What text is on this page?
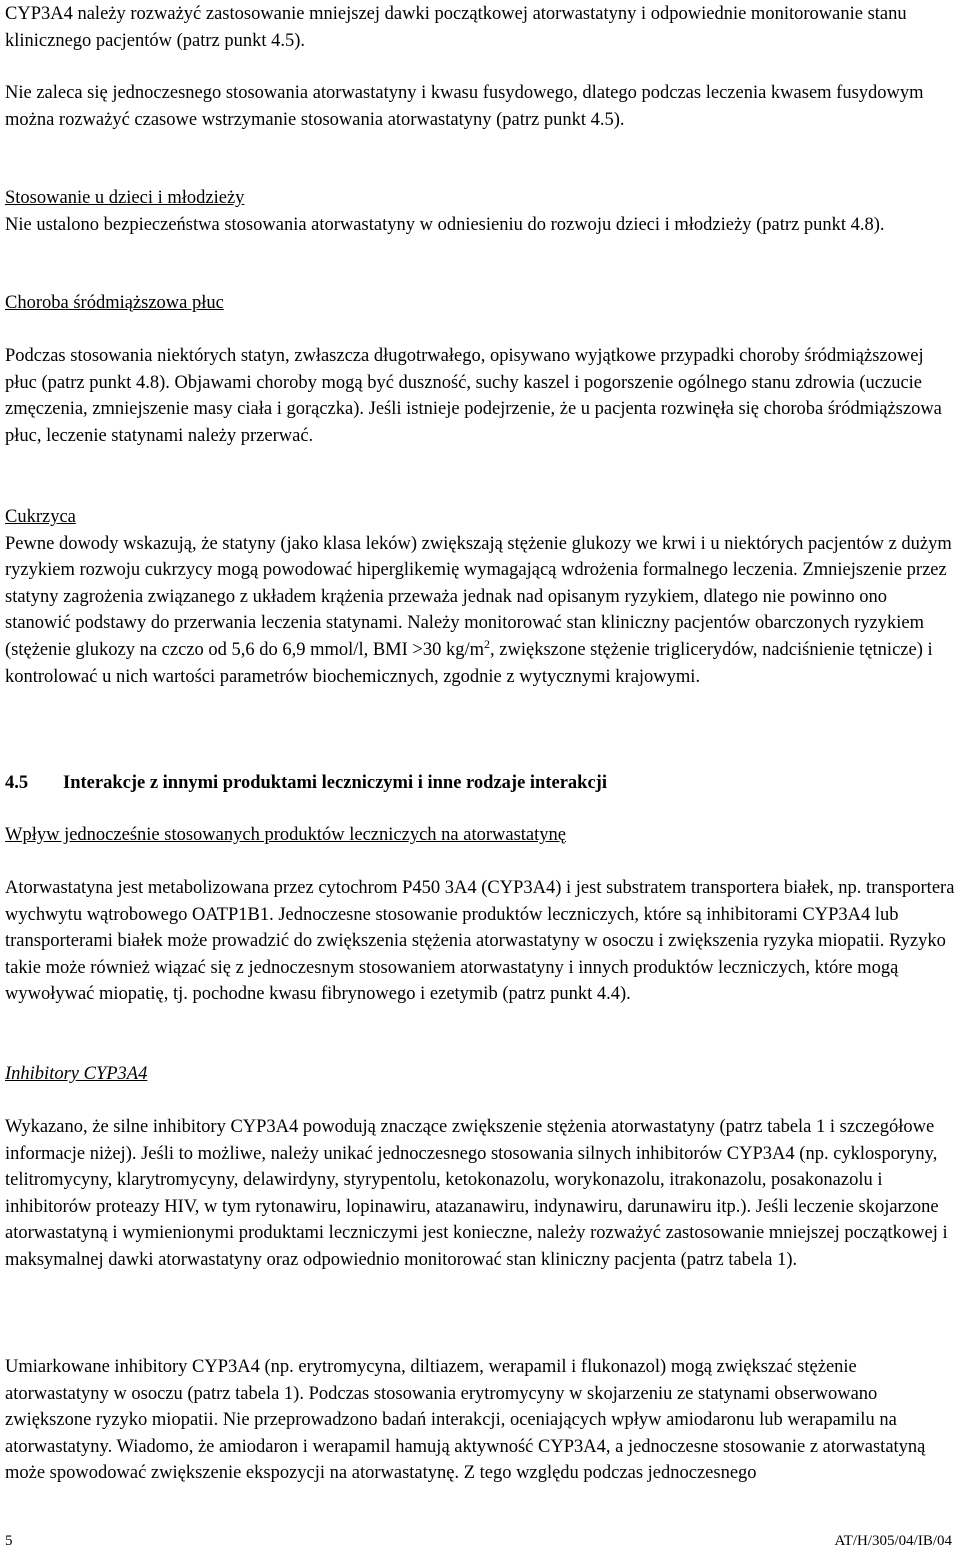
CYP3A4 należy rozważyć zastosowanie mniejszej dawki początkowej atorwastatyny i odpowiednie monitorowanie stanu klinicznego pacjentów (patrz punkt 4.5).

Nie zaleca się jednoczesnego stosowania atorwastatyny i kwasu fusydowego, dlatego podczas leczenia kwasem fusydowym można rozważyć czasowe wstrzymanie stosowania atorwastatyny (patrz punkt 4.5).

Stosowanie u dzieci i młodzieży

Nie ustalono bezpieczeństwa stosowania atorwastatyny w odniesieniu do rozwoju dzieci i młodzieży (patrz punkt 4.8).

Choroba śródmiąższowa płuc

Podczas stosowania niektórych statyn, zwłaszcza długotrwałego, opisywano wyjątkowe przypadki choroby śródmiąższowej płuc (patrz punkt 4.8). Objawami choroby mogą być duszność, suchy kaszel i pogorszenie ogólnego stanu zdrowia (uczucie zmęczenia, zmniejszenie masy ciała i gorączka). Jeśli istnieje podejrzenie, że u pacjenta rozwinęła się choroba śródmiąższowa płuc, leczenie statynami należy przerwać.

Cukrzyca

Pewne dowody wskazują, że statyny (jako klasa leków) zwiększają stężenie glukozy we krwi i u niektórych pacjentów z dużym ryzykiem rozwoju cukrzycy mogą powodować hiperglikemię wymagającą wdrożenia formalnego leczenia. Zmniejszenie przez statyny zagrożenia związanego z układem krążenia przeważa jednak nad opisanym ryzykiem, dlatego nie powinno ono stanowić podstawy do przerwania leczenia statynami. Należy monitorować stan kliniczny pacjentów obarczonych ryzykiem (stężenie glukozy na czczo od 5,6 do 6,9 mmol/l, BMI >30 $kg/m^2$, zwiększone stężenie triglicerydów, nadciśnienie tętnicze) i kontrolować u nich wartości parametrów biochemicznych, zgodnie z wytycznymi krajowymi.

4.5 Interakcje z innymi produktami leczniczymi i inne rodzaje interakcji

Wpływ jednocześnie stosowanych produktów leczniczych na atorwastatynę

Atorwastatyna jest metabolizowana przez cytochrom P450 3A4 (CYP3A4) i jest substratem transportera białek, np. transportera wychwytu wątrobowego OATP1B1. Jednoczesne stosowanie produktów leczniczych, które są inhibitorami CYP3A4 lub transporterami białek może prowadzić do zwiększenia stężenia atorwastatyny w osoczu i zwiększenia ryzyka miopatii. Ryzyko takie może również wiązać się z jednoczesnym stosowaniem atorwastatyny i innych produktów leczniczych, które mogą wywoływać miopatię, tj. pochodne kwasu fibrynowego i ezetymib (patrz punkt 4.4).

Inhibitory CYP3A4

Wykazano, że silne inhibitory CYP3A4 powodują znaczące zwiększenie stężenia atorwastatyny (patrz tabela 1 i szczegółowe informacje niżej). Jeśli to możliwe, należy unikać jednoczesnego stosowania silnych inhibitorów CYP3A4 (np. cyklosporyny, telitromycyny, klarytromycyny, delawirdyny, styrypentolu, ketokonazolu, worykonazolu, itrakonazolu, posakonazolu i inhibitorów proteazy HIV, w tym rytonawiru, lopinawiru, atazanawiru, indynawiru, darunawiru itp.). Jeśli leczenie skojarzone atorwastatyną i wymienionymi produktami leczniczymi jest konieczne, należy rozważyć zastosowanie mniejszej początkowej i maksymalnej dawki atorwastatyny oraz odpowiednio monitorować stan kliniczny pacjenta (patrz tabela 1).

Umiarkowane inhibitory CYP3A4 (np. erytromycyna, diltiazem, werapamil i flukonazol) mogą zwiększać stężenie atorwastatyny w osoczu (patrz tabela 1). Podczas stosowania erytromycyny w skojarzeniu ze statynami obserwowano zwiększone ryzyko miopatii. Nie przeprowadzono badań interakcji, oceniających wpływ amiodaronu lub werapamilu na atorwastatyny. Wiadomo, że amiodaron i werapamil hamują aktywność CYP3A4, a jednoczesne stosowanie z atorwastatyną może spowodować zwiększenie ekspozycji na atorwastatynę. Z tego względu podczas jednoczesnego

5	AT/H/305/04/IB/04
